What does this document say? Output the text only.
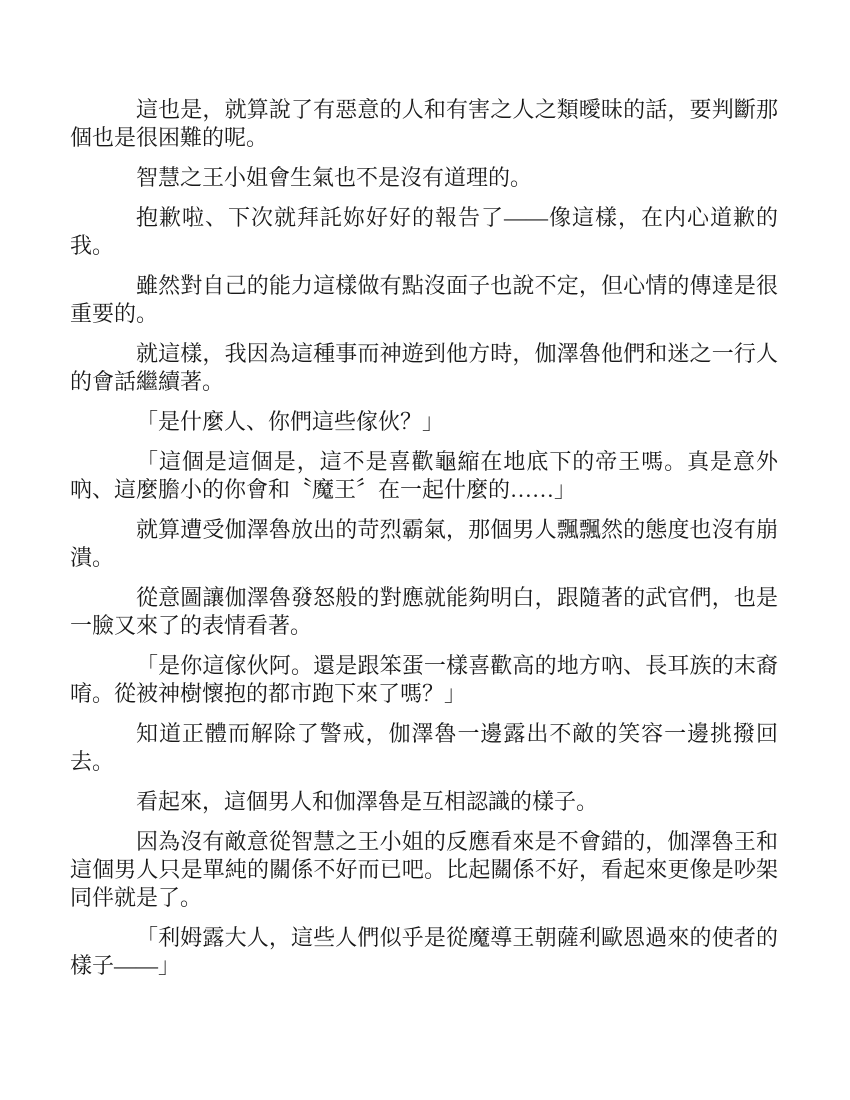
這也是，就算說了有惡意的人和有害之人之類曖昧的話，要判斷那個也是很困難的呢。

智慧之王小姐會生氣也不是沒有道理的。

抱歉啦、下次就拜託妳好好的報告了——像這樣，在内心道歉的我。

雖然對自己的能力這樣做有點沒面子也說不定，但心情的傳達是很重要的。

就這樣，我因為這種事而神遊到他方時，伽澤魯他們和迷之一行人的會話繼續著。

「是什麼人、你們這些傢伙？」

「這個是這個是，這不是喜歡龜縮在地底下的帝王嗎。真是意外吶、這麼膽小的你會和〝魔王〞在一起什麼的……」

就算遭受伽澤魯放出的苛烈霸氣，那個男人飄飄然的態度也沒有崩潰。

從意圖讓伽澤魯發怒般的對應就能夠明白，跟隨著的武官們，也是一臉又來了的表情看著。

「是你這傢伙阿。還是跟笨蛋一樣喜歡高的地方吶、長耳族的末裔唷。從被神樹懷抱的都市跑下來了嗎？」

知道正體而解除了警戒，伽澤魯一邊露出不敵的笑容一邊挑撥回去。

看起來，這個男人和伽澤魯是互相認識的樣子。

因為沒有敵意從智慧之王小姐的反應看來是不會錯的，伽澤魯王和這個男人只是單純的關係不好而已吧。比起關係不好，看起來更像是吵架同伴就是了。

「利姆露大人，這些人們似乎是從魔導王朝薩利歐恩過來的使者的樣子——」
